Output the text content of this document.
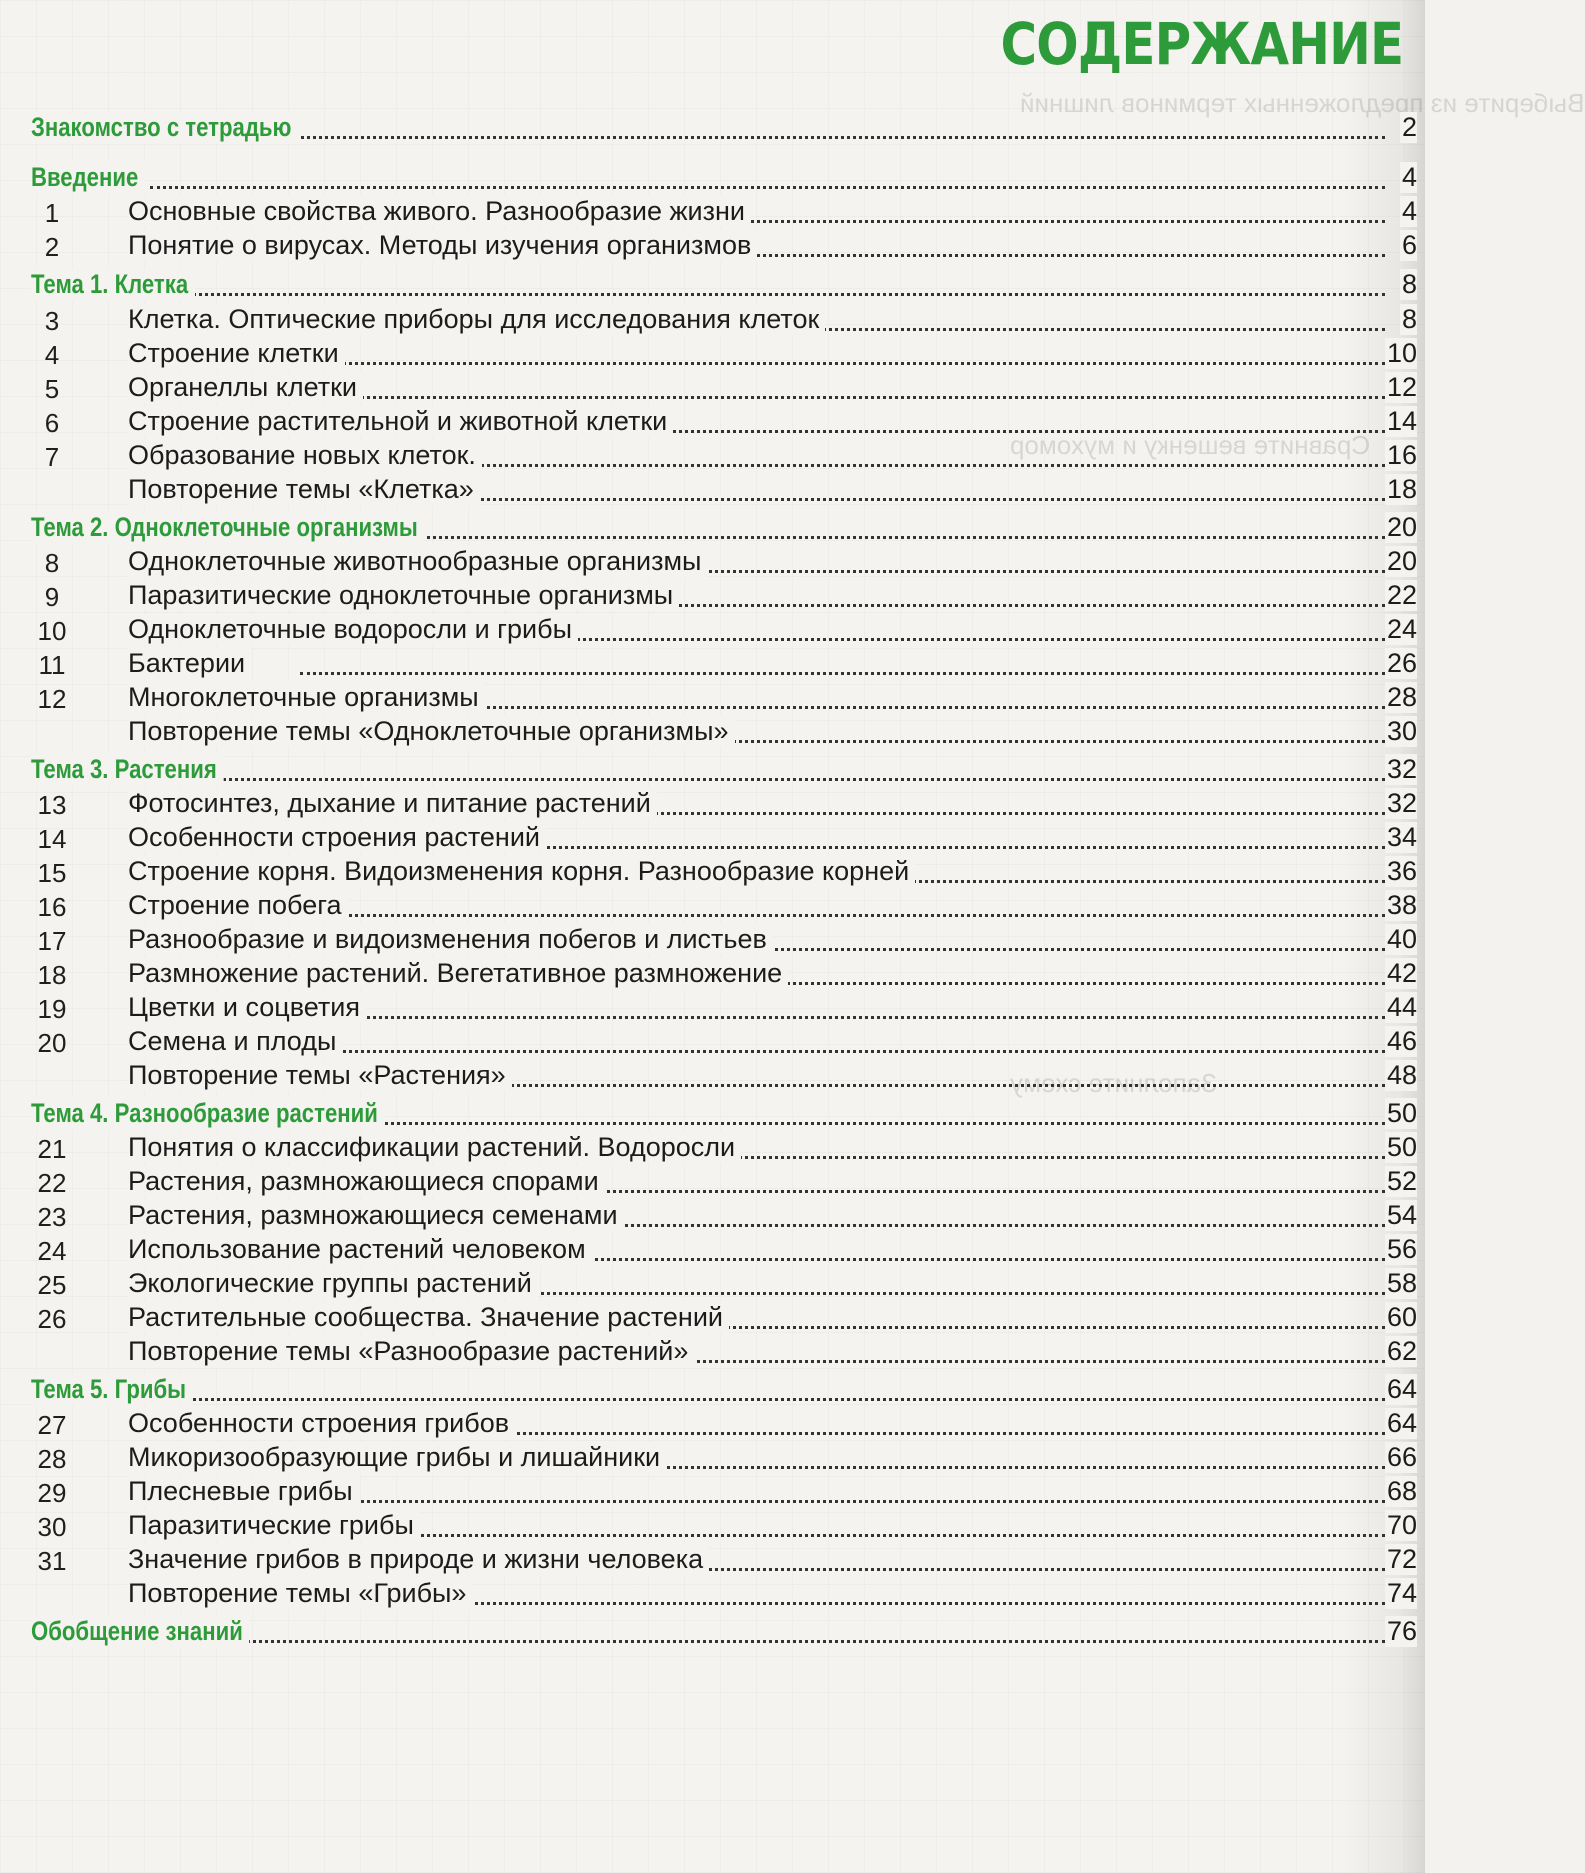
Выберите из
СОДЕРЖАНИЕ
Знакомство с тетрадью	2
Введение	4
1	Основные свойства живого. Разнообразие жизни	4
2	Понятие о вирусах. Методы изучения организмов	6
Тема 1. Клетка	8
3	Клетка. Оптические приборы для исследования клеток	8
4	Строение клетки	10
5	Органеллы клетки	12
6	Строение растительной и животной клетки	14
7	Образование новых клеток.	16
Повторение темы «Клетка»	18
Тема 2. Одноклеточные организмы	20
8	Одноклеточные животнообразные организмы	20
9	Паразитические одноклеточные организмы	22
10 Одноклеточные водоросли и грибы	24
11 Бактерии	26
12 Многоклеточные организмы	28
Повторение темы «Одноклеточные организмы»	30
Тема 3. Растения	32
13 Фотосинтез, дыхание и питание растений	32
14 Особенности строения растений	34
15 Строение корня. Видоизменения корня. Разнообразие корней	36
16 Строение побега	38
17 Разнообразие и видоизменения побегов и листьев	40
18 Размножение растений. Вегетативное размножение	42
19 Цветки и соцветия	44
20 Семена и плоды	46
Повторение темы «Растения»	48
Тема 4. Разнообразие растений	50
21 Понятия о классификации растений. Водоросли	50
22 Растения, размножающиеся спорами	52
23 Растения, размножающиеся семенами	54
24 Использование растений человеком	56
25 Экологические группы растений	58
26 Растительные сообщества. Значение растений	60
Повторение темы «Разнообразие растений»	62
Тема 5. Грибы	64
27 Особенности строения грибов	64
28 Микоризообразующие грибы и лишайники	66
29 Плесневые грибы	68
30 Паразитические грибы	70
31 Значение грибов в природе и жизни человека	72
Повторение темы «Грибы»	74
Обобщение знаний	76
